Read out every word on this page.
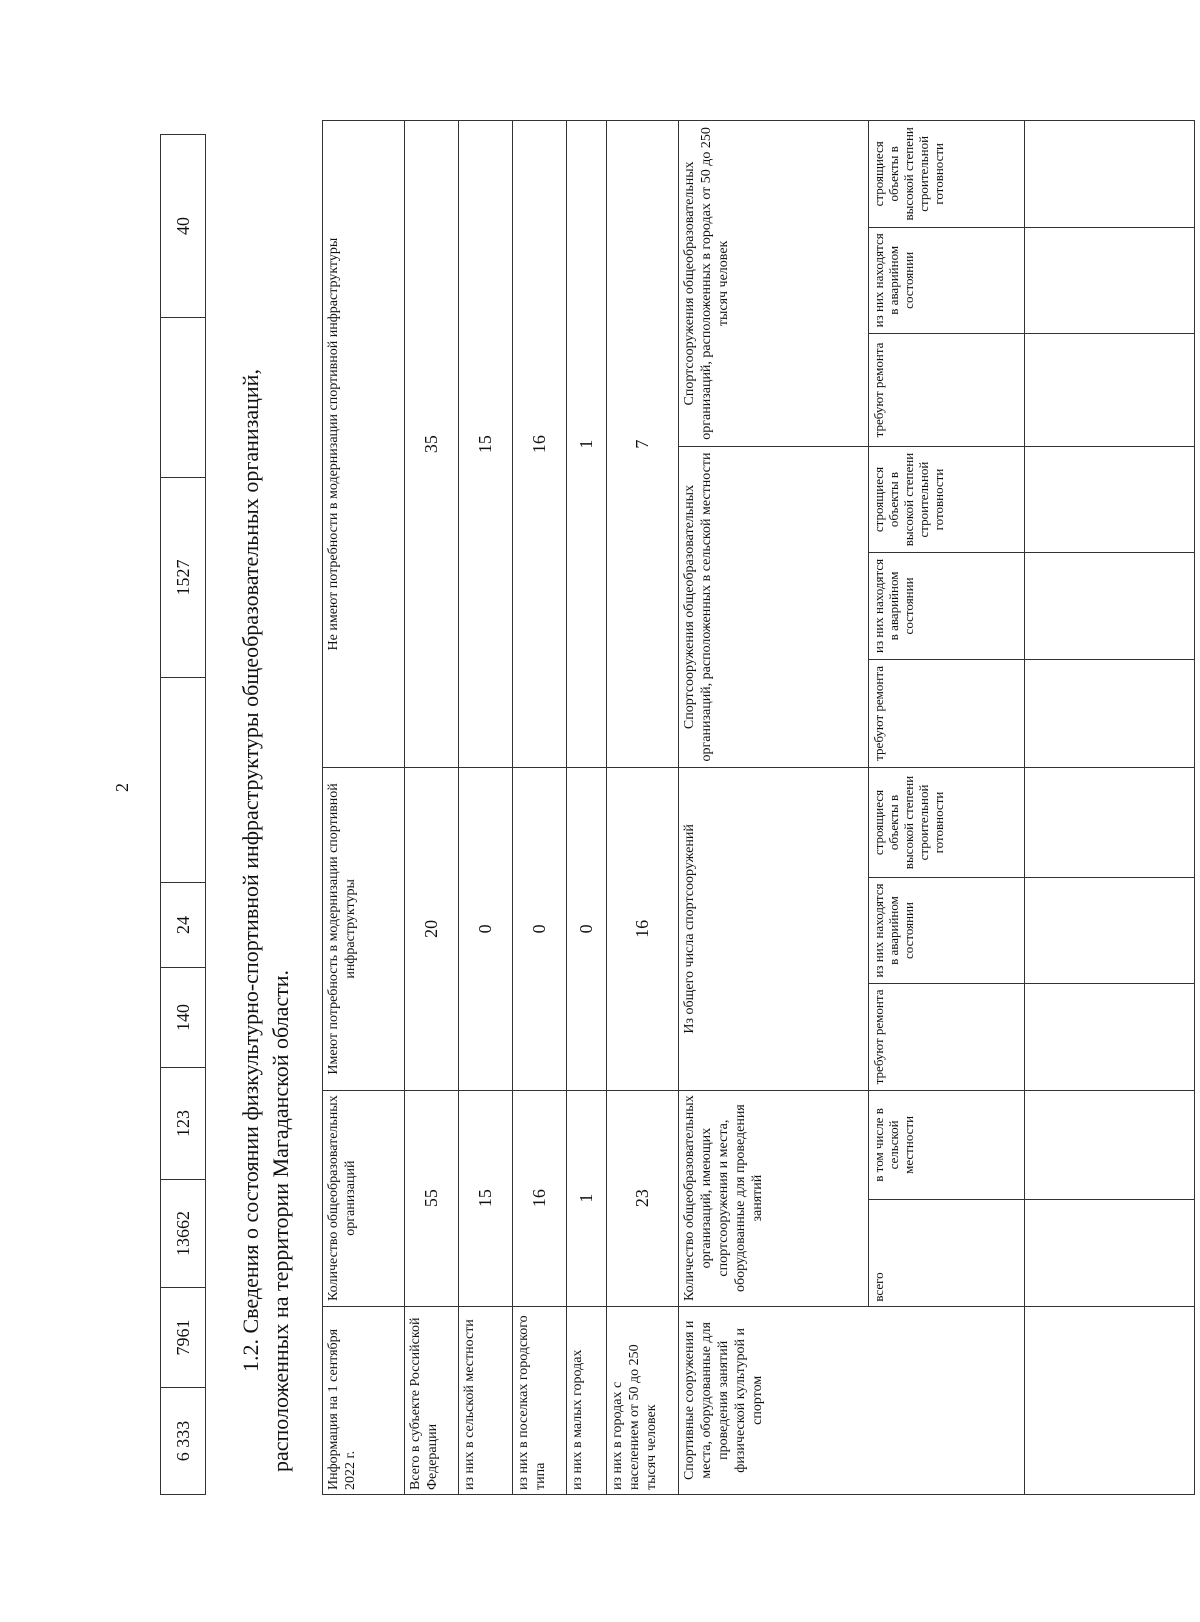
2
6 333	7961	13662	123	140	24		1527		40
1.2. Сведения о состоянии физкультурно-спортивной инфраструктуры общеобразовательных организаций, расположенных на территории Магаданской области. Информация на 1 сентября 2022 г.	Количество общеобразовательных организаций		Имеют потребность в модернизации спортивной инфраструктуры			Не имеют потребности в модернизации спортивной инфраструктуры					
Всего в субъекте Российской Федерации	55		20			35					
из них в сельской местности	15		0			15					
из них в поселках городского типа	16		0			16					
из них в малых городах	1		0			1					
из них в городах с населением от 50 до 250 тысяч человек	23		16			7					
Спортивные сооружения и места, оборудованные для проведения занятий физической культурой и спортом	Количество общеобразовательных организаций, имеющих спортсооружения и места, оборудованные для проведения занятий		Из общего числа спортсооружений			Спортсооружения общеобразовательных организаций, расположенных в сельской местности			Спортсооружения общеобразовательных организаций, расположенных в городах от 50 до 250 тысяч человек		
	всего	в том числе в сельской местности	требуют ремонта	из них находятся в аварийном состоянии	строящиеся объекты в высокой степени строительной готовности	требуют ремонта	из них находятся в аварийном состоянии	строящиеся объекты в высокой степени строительной готовности	требуют ремонта	из них находятся в аварийном состоянии	строящиеся объекты в высокой степени строительной готовности
